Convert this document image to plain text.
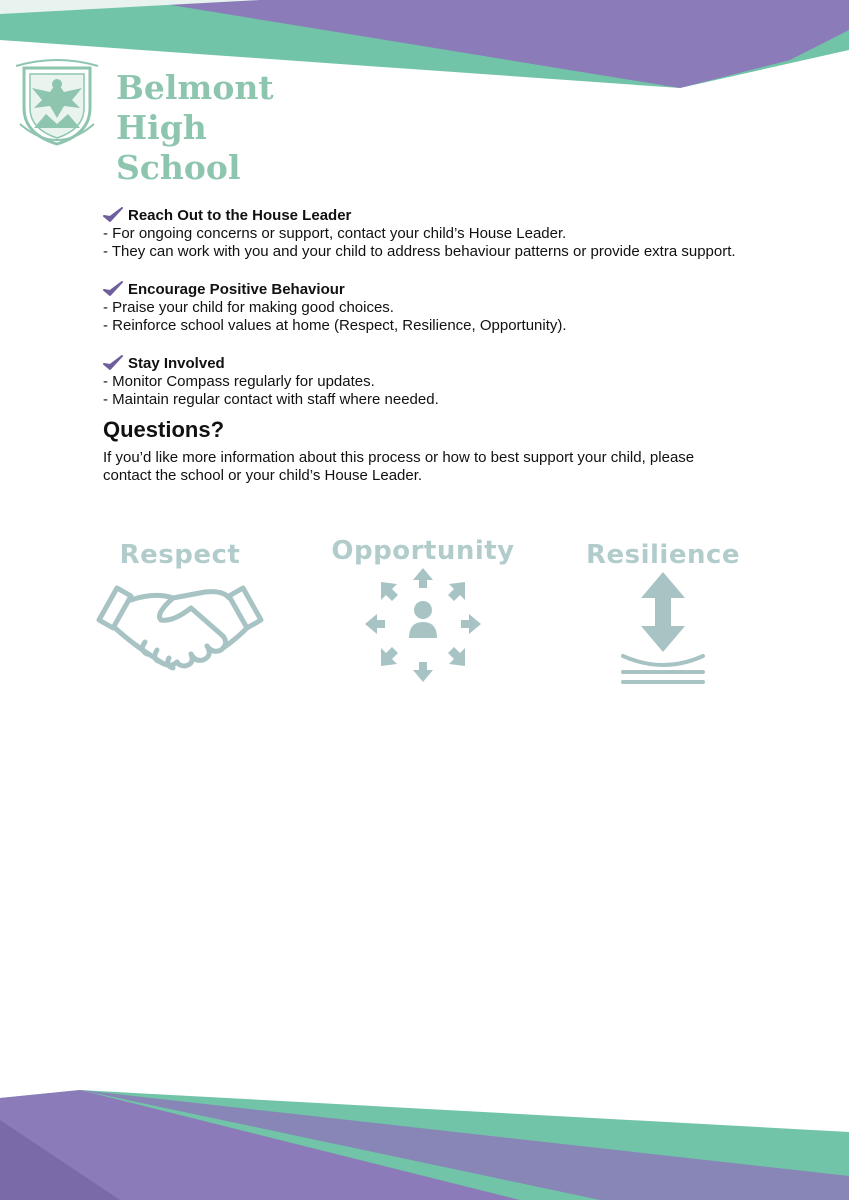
Belmont
High School
Reach Out to the House Leader
- For ongoing concerns or support, contact your child’s House Leader.
- They can work with you and your child to address behaviour patterns or provide extra support.
Encourage Positive Behaviour
- Praise your child for making good choices.
- Reinforce school values at home (Respect, Resilience, Opportunity).
Stay Involved
- Monitor Compass regularly for updates.
- Maintain regular contact with staff where needed.
Questions?
If you’d like more information about this process or how to best support your child, please contact the school or your child’s House Leader.
Respect	Opportunity	Resilience
